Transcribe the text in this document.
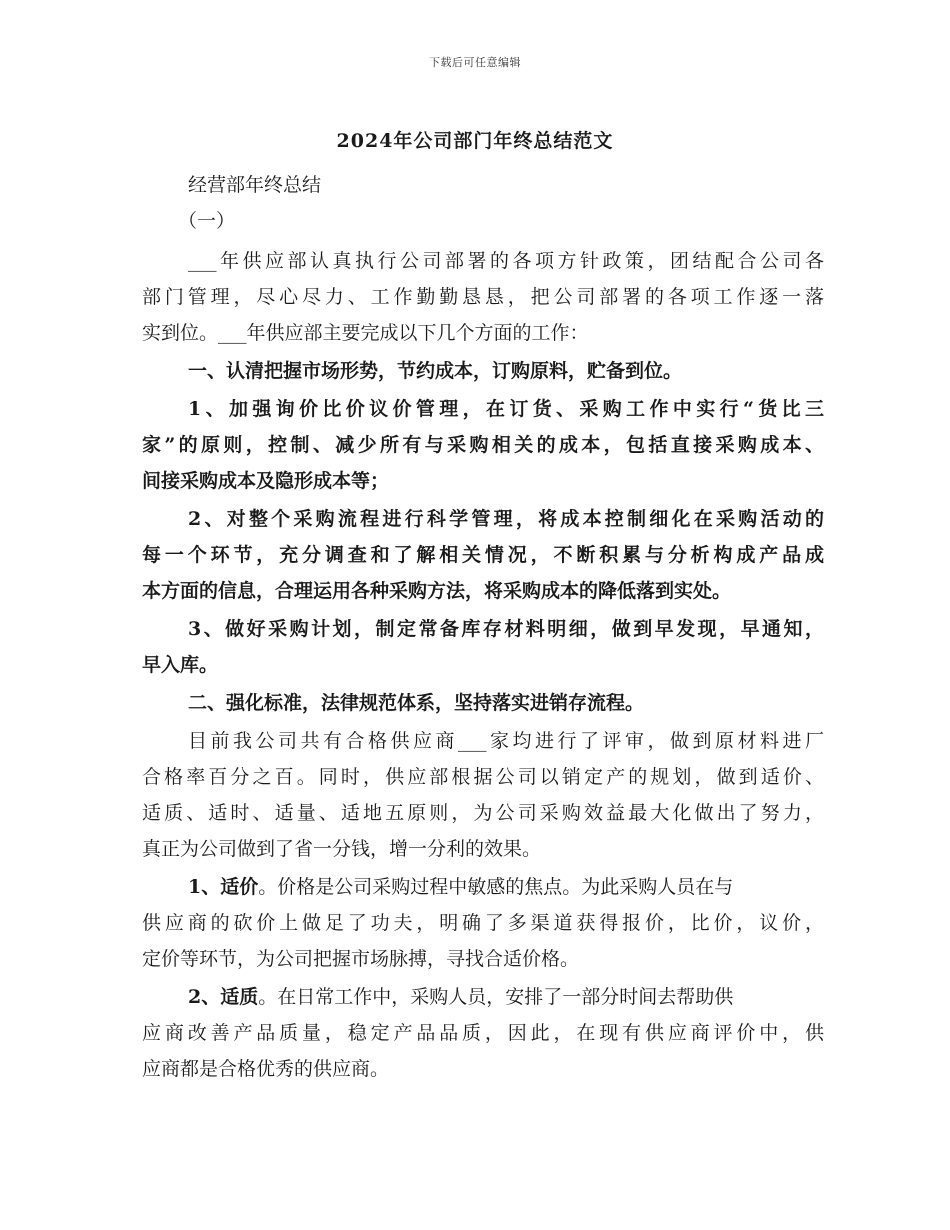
下载后可任意编辑
2024年公司部门年终总结范文
经营部年终总结
（一）
___年供应部认真执行公司部署的各项方针政策，团结配合公司各
部门管理，尽心尽力、工作勤勤恳恳，把公司部署的各项工作逐一落
实到位。___年供应部主要完成以下几个方面的工作：
一、认清把握市场形势，节约成本，订购原料，贮备到位。
1、加强询价比价议价管理，在订货、采购工作中实行“货比三
家”的原则，控制、减少所有与采购相关的成本，包括直接采购成本、
间接采购成本及隐形成本等；
2、对整个采购流程进行科学管理，将成本控制细化在采购活动的
每一个环节，充分调查和了解相关情况，不断积累与分析构成产品成
本方面的信息，合理运用各种采购方法，将采购成本的降低落到实处。
3、做好采购计划，制定常备库存材料明细，做到早发现，早通知，
早入库。
二、强化标准，法律规范体系，坚持落实进销存流程。
目前我公司共有合格供应商___家均进行了评审，做到原材料进厂
合格率百分之百。同时，供应部根据公司以销定产的规划，做到适价、
适质、适时、适量、适地五原则，为公司采购效益最大化做出了努力，
真正为公司做到了省一分钱，增一分利的效果。
1、适价。价格是公司采购过程中敏感的焦点。为此采购人员在与
供应商的砍价上做足了功夫，明确了多渠道获得报价，比价，议价，
定价等环节，为公司把握市场脉搏，寻找合适价格。
2、适质。在日常工作中，采购人员，安排了一部分时间去帮助供
应商改善产品质量，稳定产品品质，因此，在现有供应商评价中，供
应商都是合格优秀的供应商。
